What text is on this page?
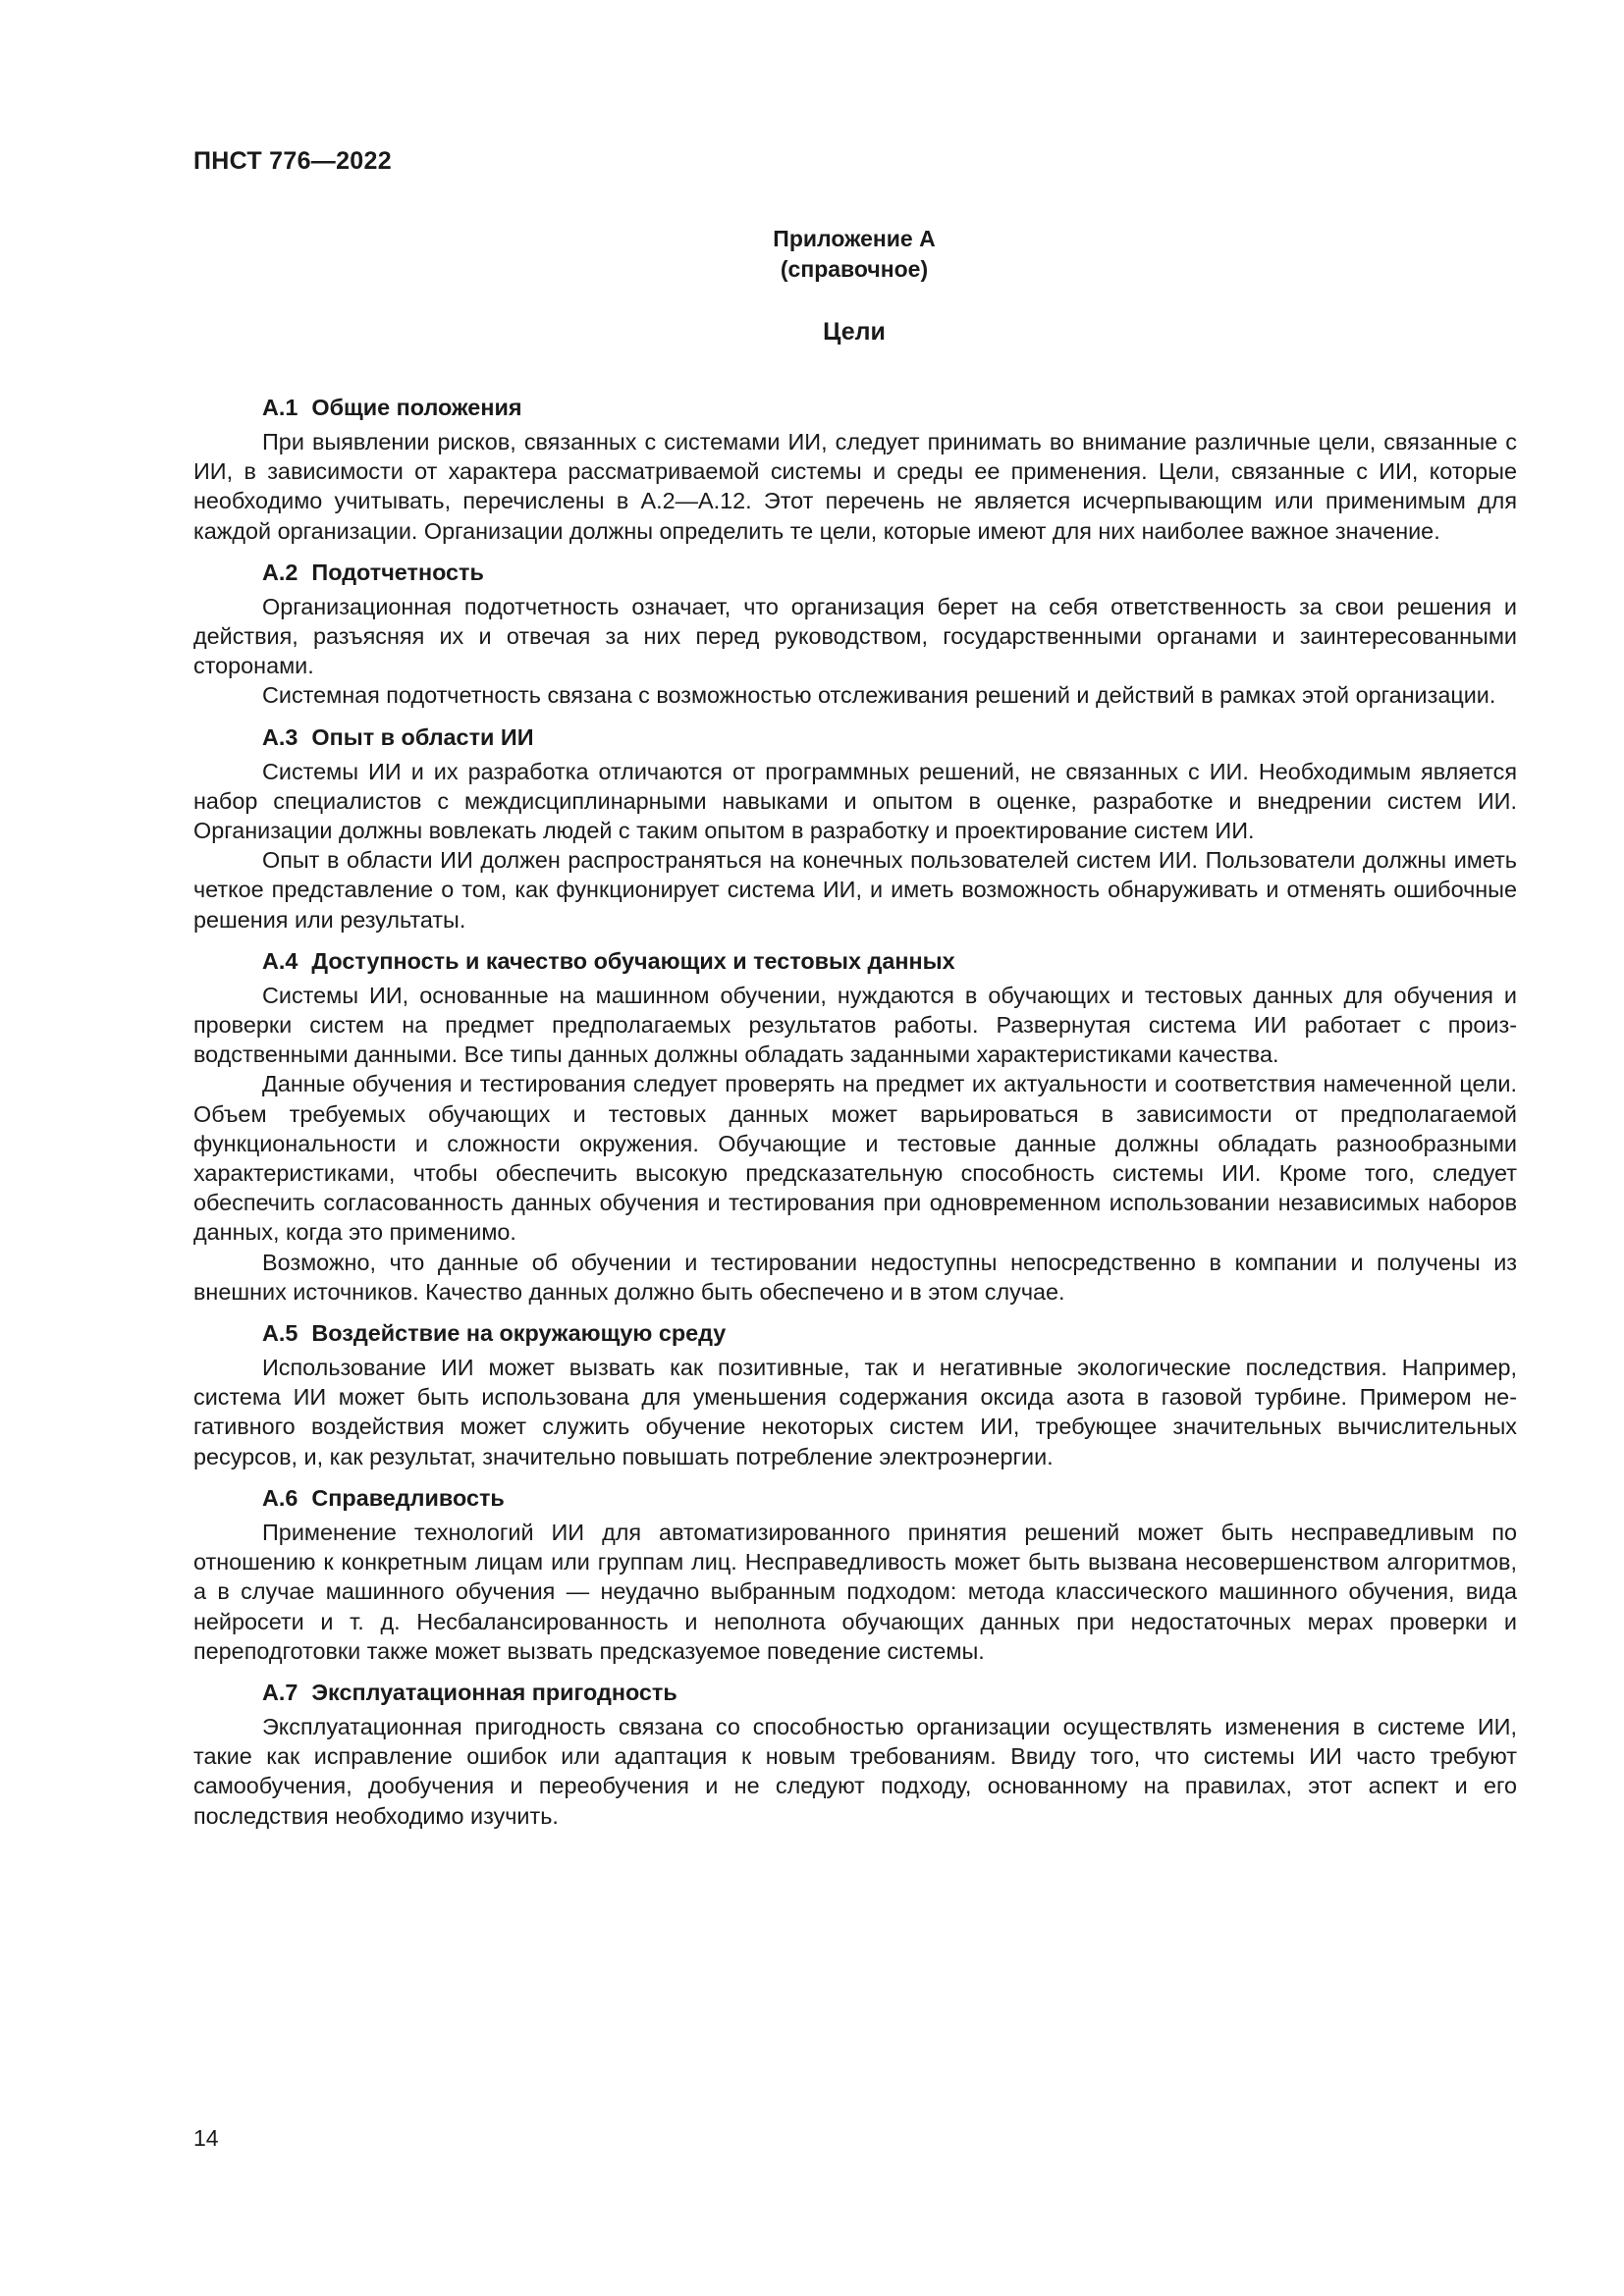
ПНСТ 776—2022
Приложение А
(справочное)
Цели
А.1 Общие положения

При выявлении рисков, связанных с системами ИИ, следует принимать во внимание различные цели, связанные с ИИ, в зависимости от характера рассматриваемой системы и среды ее применения. Цели, связанные с ИИ, которые необходимо учитывать, перечислены в А.2—А.12. Этот перечень не является исчерпывающим или применимым для каждой организации. Организации должны определить те цели, которые имеют для них наиболее важное значение.

А.2 Подотчетность

Организационная подотчетность означает, что организация берет на себя ответственность за свои решения и действия, разъясняя их и отвечая за них перед руководством, государственными органами и заинтересованными сторонами.

Системная подотчетность связана с возможностью отслеживания решений и действий в рамках этой организации.

А.3 Опыт в области ИИ

Системы ИИ и их разработка отличаются от программных решений, не связанных с ИИ. Необходимым является набор специалистов с междисциплинарными навыками и опытом в оценке, разработке и внедрении систем ИИ. Организации должны вовлекать людей с таким опытом в разработку и проектирование систем ИИ.

Опыт в области ИИ должен распространяться на конечных пользователей систем ИИ. Пользователи должны иметь четкое представление о том, как функционирует система ИИ, и иметь возможность обнаруживать и отменять ошибочные решения или результаты.

А.4 Доступность и качество обучающих и тестовых данных

Системы ИИ, основанные на машинном обучении, нуждаются в обучающих и тестовых данных для обучения и проверки систем на предмет предполагаемых результатов работы. Развернутая система ИИ работает с производственными данными. Все типы данных должны обладать заданными характеристиками качества.

Данные обучения и тестирования следует проверять на предмет их актуальности и соответствия намеченной цели. Объем требуемых обучающих и тестовых данных может варьироваться в зависимости от предполагаемой функциональности и сложности окружения. Обучающие и тестовые данные должны обладать разнообразными характеристиками, чтобы обеспечить высокую предсказательную способность системы ИИ. Кроме того, следует обеспечить согласованность данных обучения и тестирования при одновременном использовании независимых наборов данных, когда это применимо.

Возможно, что данные об обучении и тестировании недоступны непосредственно в компании и получены из внешних источников. Качество данных должно быть обеспечено и в этом случае.

А.5 Воздействие на окружающую среду

Использование ИИ может вызвать как позитивные, так и негативные экологические последствия. Например, система ИИ может быть использована для уменьшения содержания оксида азота в газовой турбине. Примером негативного воздействия может служить обучение некоторых систем ИИ, требующее значительных вычислительных ресурсов, и, как результат, значительно повышать потребление электроэнергии.

А.6 Справедливость

Применение технологий ИИ для автоматизированного принятия решений может быть несправедливым по отношению к конкретным лицам или группам лиц. Несправедливость может быть вызвана несовершенством алгоритмов, а в случае машинного обучения — неудачно выбранным подходом: метода классического машинного обучения, вида нейросети и т. д. Несбалансированность и неполнота обучающих данных при недостаточных мерах проверки и переподготовки также может вызвать предсказуемое поведение системы.

А.7 Эксплуатационная пригодность

Эксплуатационная пригодность связана со способностью организации осуществлять изменения в системе ИИ, такие как исправление ошибок или адаптация к новым требованиям. Ввиду того, что системы ИИ часто требуют самообучения, дообучения и переобучения и не следуют подходу, основанному на правилах, этот аспект и его последствия необходимо изучить.

14
